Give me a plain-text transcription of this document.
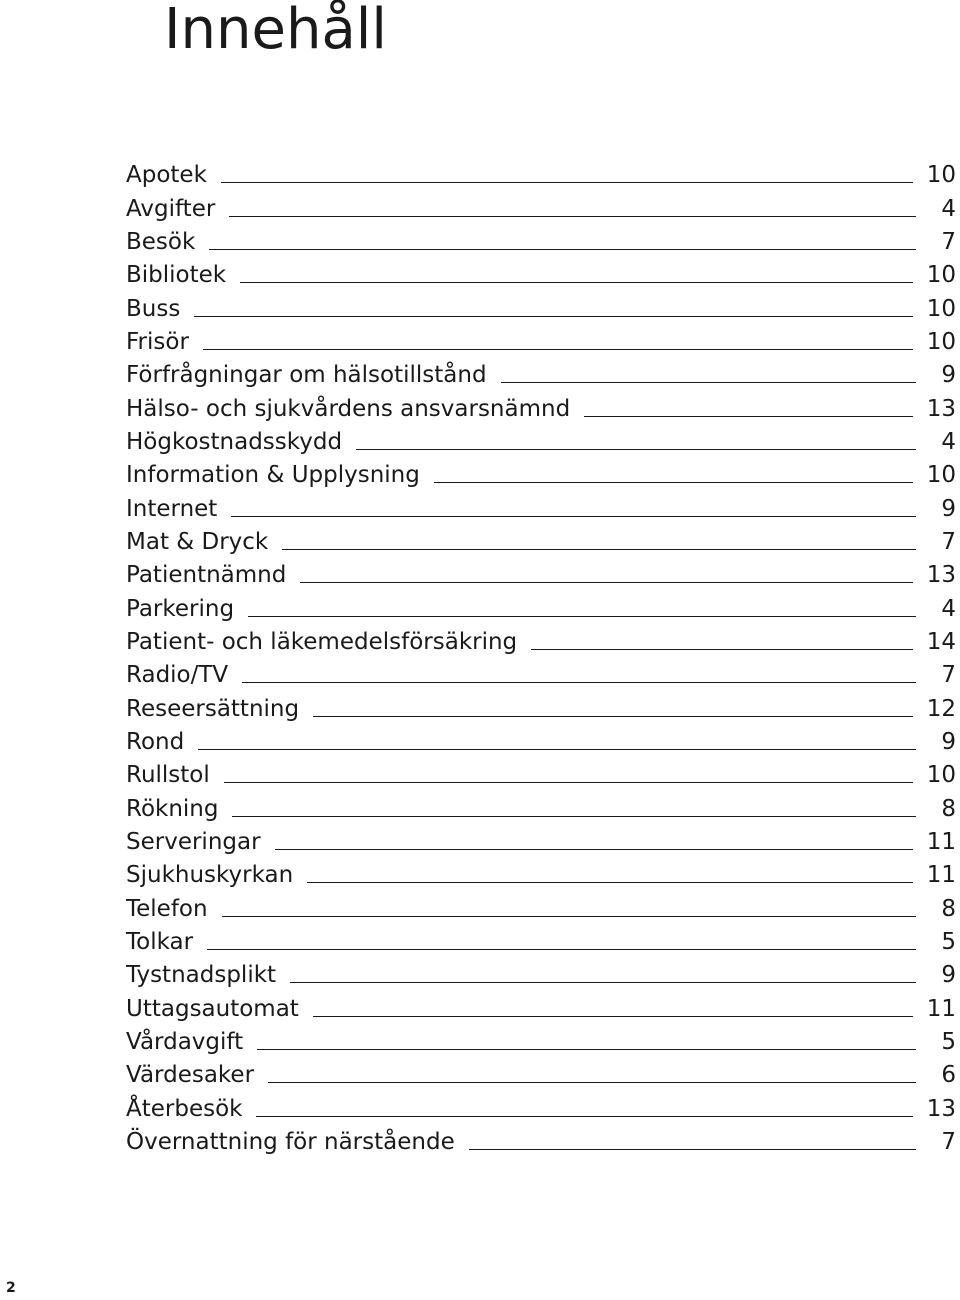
Innehåll
Apotek	10
Avgifter	4
Besök	7
Bibliotek	10
Buss	10
Frisör	10
Förfrågningar om hälsotillstånd	9
Hälso- och sjukvårdens ansvarsnämnd	13
Högkostnadsskydd	4
Information & Upplysning	10
Internet	9
Mat & Dryck	7
Patientnämnd	13
Parkering	4
Patient- och läkemedelsförsäkring	14
Radio/TV	7
Reseersättning	12
Rond	9
Rullstol	10
Rökning	8
Serveringar	11
Sjukhuskyrkan	11
Telefon	8
Tolkar	5
Tystnadsplikt	9
Uttagsautomat	11
Vårdavgift	5
Värdesaker	6
Återbesök	13
Övernattning för närstående	7
2
